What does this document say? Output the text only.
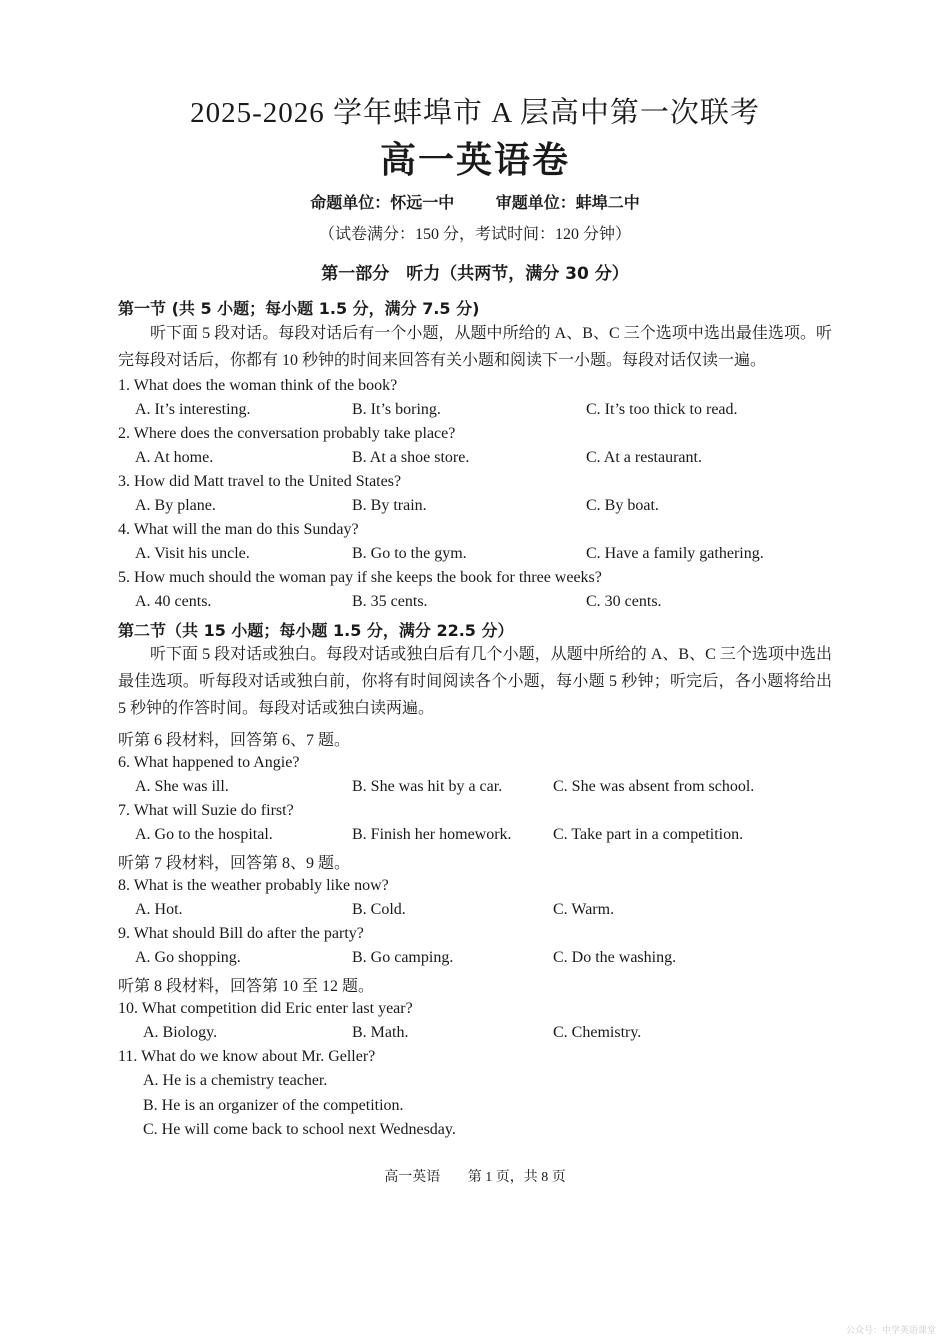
2025-2026 学年蚌埠市 A 层高中第一次联考
高一英语卷
命题单位：怀远一中	审题单位：蚌埠二中
（试卷满分：150 分，考试时间：120 分钟）
第一部分　听力（共两节，满分 30 分）
第一节 (共 5 小题；每小题 1.5 分，满分 7.5 分)
听下面 5 段对话。每段对话后有一个小题，从题中所给的 A、B、C 三个选项中选出最佳选项。听完每段对话后，你都有 10 秒钟的时间来回答有关小题和阅读下一小题。每段对话仅读一遍。
1. What does the woman think of the book?
A. It’s interesting.	B. It’s boring.	C. It’s too thick to read.
2. Where does the conversation probably take place?
A. At home.	B. At a shoe store.	C. At a restaurant.
3. How did Matt travel to the United States?
A. By plane.	B. By train.	C. By boat.
4. What will the man do this Sunday?
A. Visit his uncle.	B. Go to the gym.	C. Have a family gathering.
5. How much should the woman pay if she keeps the book for three weeks?
A. 40 cents.	B. 35 cents.	C. 30 cents.
第二节（共 15 小题；每小题 1.5 分，满分 22.5 分）
听下面 5 段对话或独白。每段对话或独白后有几个小题，从题中所给的 A、B、C 三个选项中选出最佳选项。听每段对话或独白前，你将有时间阅读各个小题，每小题 5 秒钟；听完后，各小题将给出 5 秒钟的作答时间。每段对话或独白读两遍。
听第 6 段材料，回答第 6、7 题。
6. What happened to Angie?
A. She was ill.	B. She was hit by a car.	C. She was absent from school.
7. What will Suzie do first?
A. Go to the hospital.	B. Finish her homework.	C. Take part in a competition.
听第 7 段材料，回答第 8、9 题。
8. What is the weather probably like now?
A. Hot.	B. Cold.	C. Warm.
9. What should Bill do after the party?
A. Go shopping.	B. Go camping.	C. Do the washing.
听第 8 段材料，回答第 10 至 12 题。
10. What competition did Eric enter last year?
A. Biology.	B. Math.	C. Chemistry.
11. What do we know about Mr. Geller?
A. He is a chemistry teacher.
B. He is an organizer of the competition.
C. He will come back to school next Wednesday.
高一英语 第 1 页，共 8 页
公众号：中学英语课堂
